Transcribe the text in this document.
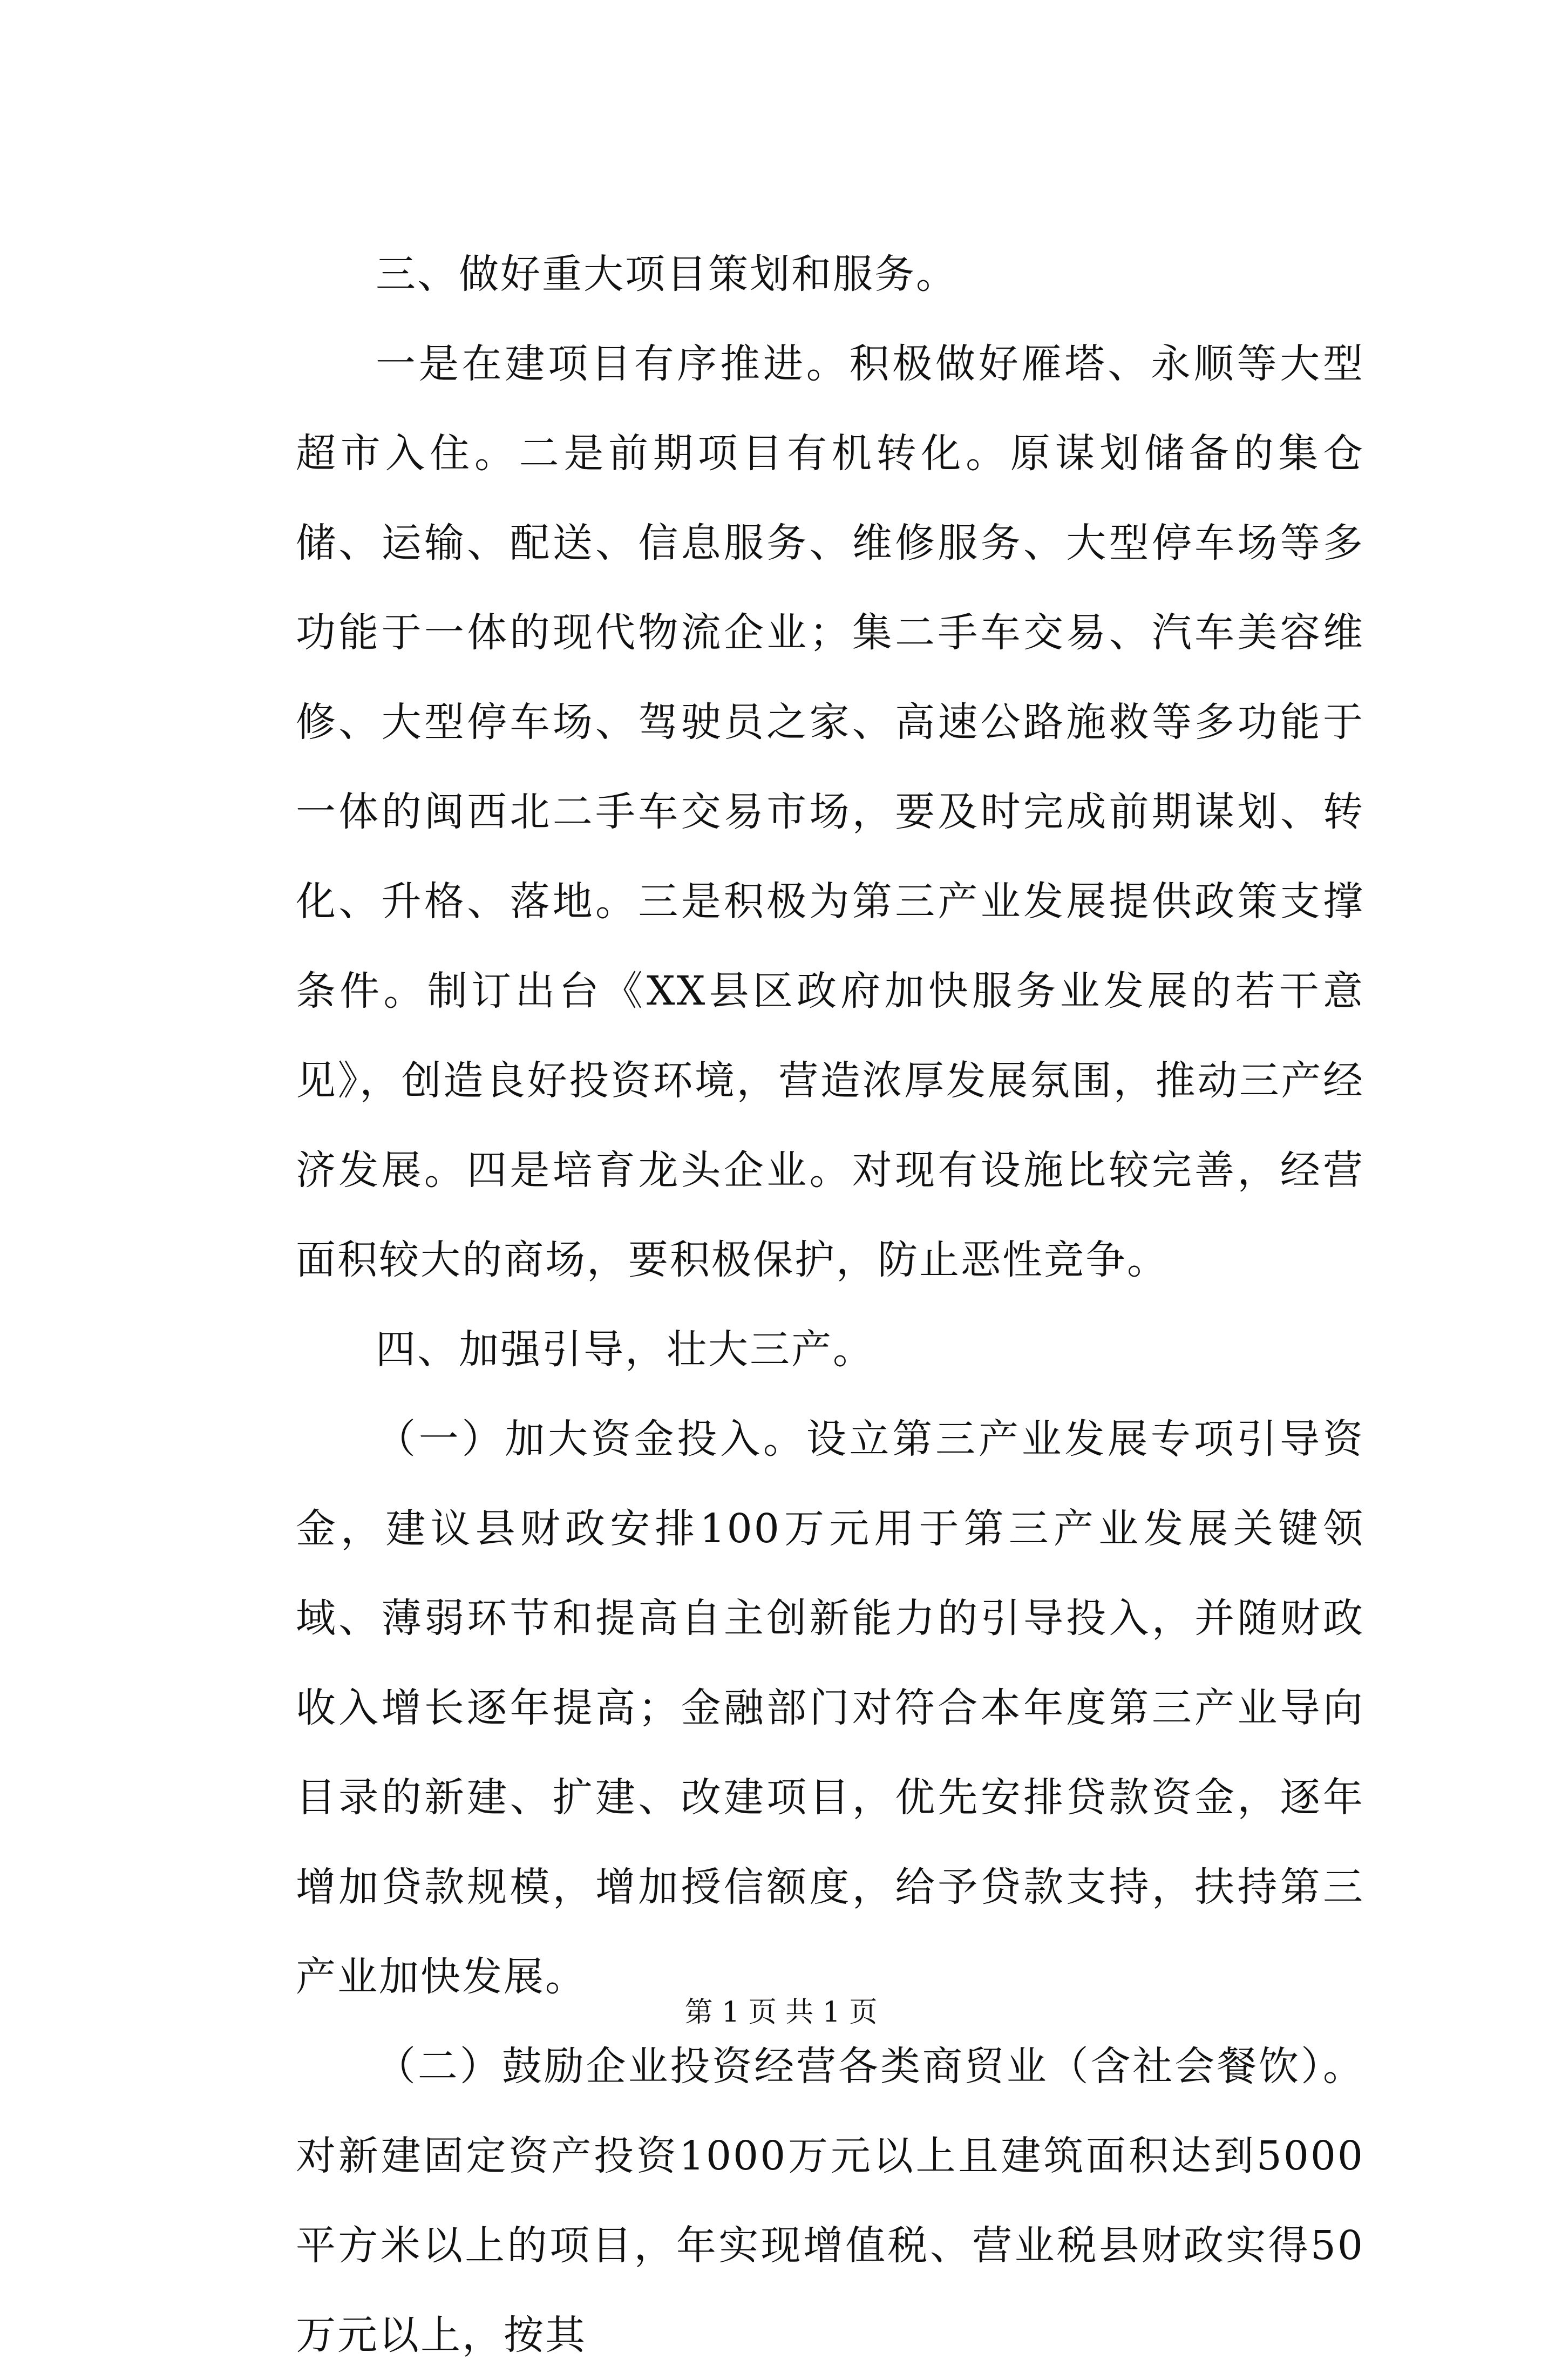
三、做好重大项目策划和服务。

一是在建项目有序推进。积极做好雁塔、永顺等大型超市入住。二是前期项目有机转化。原谋划储备的集仓储、运输、配送、信息服务、维修服务、大型停车场等多功能于一体的现代物流企业；集二手车交易、汽车美容维修、大型停车场、驾驶员之家、高速公路施救等多功能于一体的闽西北二手车交易市场，要及时完成前期谋划、转化、升格、落地。三是积极为第三产业发展提供政策支撑条件。制订出台《XX县区政府加快服务业发展的若干意见》，创造良好投资环境，营造浓厚发展氛围，推动三产经济发展。四是培育龙头企业。对现有设施比较完善，经营面积较大的商场，要积极保护，防止恶性竞争。

四、加强引导，壮大三产。

（一）加大资金投入。设立第三产业发展专项引导资金，建议县财政安排100万元用于第三产业发展关键领域、薄弱环节和提高自主创新能力的引导投入，并随财政收入增长逐年提高；金融部门对符合本年度第三产业导向目录的新建、扩建、改建项目，优先安排贷款资金，逐年增加贷款规模，增加授信额度，给予贷款支持，扶持第三产业加快发展。

（二）鼓励企业投资经营各类商贸业（含社会餐饮）。对新建固定资产投资1000万元以上且建筑面积达到5000平方米以上的项目，年实现增值税、营业税县财政实得50万元以上，按其

第 1 页 共 1 页
